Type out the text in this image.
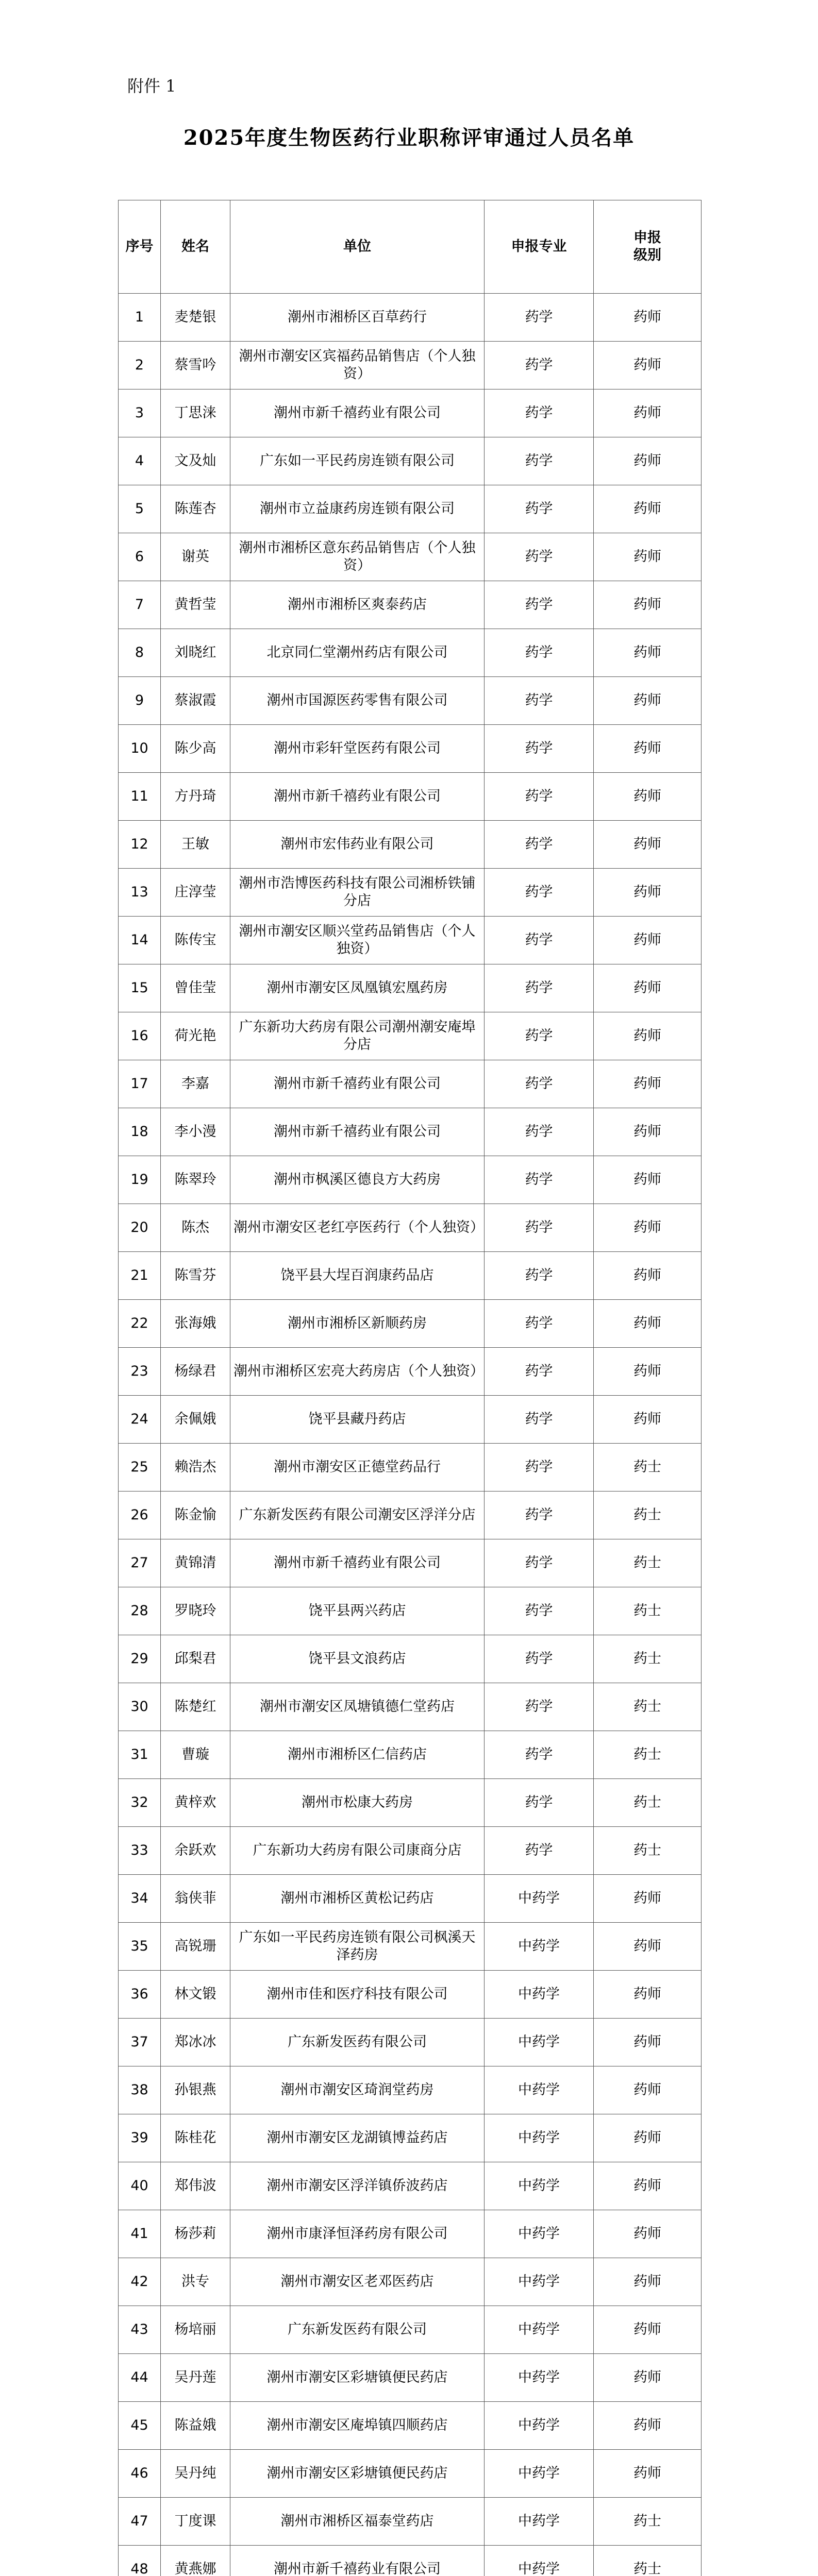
附件 1
2025年度生物医药行业职称评审通过人员名单
序号	姓名	单位	申报专业	申报
级别

1	麦楚银	潮州市湘桥区百草药行	药学	药师
2	蔡雪吟	潮州市潮安区宾福药品销售店（个人独资）	药学	药师
3	丁思涞	潮州市新千禧药业有限公司	药学	药师
4	文及灿	广东如一平民药房连锁有限公司	药学	药师
5	陈莲杏	潮州市立益康药房连锁有限公司	药学	药师
6	谢英	潮州市湘桥区意东药品销售店（个人独资）	药学	药师
7	黄哲莹	潮州市湘桥区爽泰药店	药学	药师
8	刘晓红	北京同仁堂潮州药店有限公司	药学	药师
9	蔡淑霞	潮州市国源医药零售有限公司	药学	药师
10	陈少高	潮州市彩轩堂医药有限公司	药学	药师
11	方丹琦	潮州市新千禧药业有限公司	药学	药师
12	王敏	潮州市宏伟药业有限公司	药学	药师
13	庄淳莹	潮州市浩博医药科技有限公司湘桥铁铺分店	药学	药师
14	陈传宝	潮州市潮安区顺兴堂药品销售店（个人独资）	药学	药师
15	曾佳莹	潮州市潮安区凤凰镇宏凰药房	药学	药师
16	荷光艳	广东新功大药房有限公司潮州潮安庵埠分店	药学	药师
17	李嘉	潮州市新千禧药业有限公司	药学	药师
18	李小漫	潮州市新千禧药业有限公司	药学	药师
19	陈翠玲	潮州市枫溪区德良方大药房	药学	药师
20	陈杰	潮州市潮安区老红亭医药行（个人独资）	药学	药师
21	陈雪芬	饶平县大埕百润康药品店	药学	药师
22	张海娥	潮州市湘桥区新顺药房	药学	药师
23	杨绿君	潮州市湘桥区宏亮大药房店（个人独资）	药学	药师
24	余佩娥	饶平县藏丹药店	药学	药师
25	赖浩杰	潮州市潮安区正德堂药品行	药学	药士
26	陈金愉	广东新发医药有限公司潮安区浮洋分店	药学	药士
27	黄锦清	潮州市新千禧药业有限公司	药学	药士
28	罗晓玲	饶平县两兴药店	药学	药士
29	邱梨君	饶平县文浪药店	药学	药士
30	陈楚红	潮州市潮安区凤塘镇德仁堂药店	药学	药士
31	曹璇	潮州市湘桥区仁信药店	药学	药士
32	黄梓欢	潮州市松康大药房	药学	药士
33	余跃欢	广东新功大药房有限公司康商分店	药学	药士
34	翁侠菲	潮州市湘桥区黄松记药店	中药学	药师
35	高锐珊	广东如一平民药房连锁有限公司枫溪天泽药房	中药学	药师
36	林文锻	潮州市佳和医疗科技有限公司	中药学	药师
37	郑冰冰	广东新发医药有限公司	中药学	药师
38	孙银燕	潮州市潮安区琦润堂药房	中药学	药师
39	陈桂花	潮州市潮安区龙湖镇博益药店	中药学	药师
40	郑伟波	潮州市潮安区浮洋镇侨波药店	中药学	药师
41	杨莎莉	潮州市康泽恒泽药房有限公司	中药学	药师
42	洪专	潮州市潮安区老邓医药店	中药学	药师
43	杨培丽	广东新发医药有限公司	中药学	药师
44	吴丹莲	潮州市潮安区彩塘镇便民药店	中药学	药师
45	陈益娥	潮州市潮安区庵埠镇四顺药店	中药学	药师
46	吴丹纯	潮州市潮安区彩塘镇便民药店	中药学	药师
47	丁度课	潮州市湘桥区福泰堂药店	中药学	药士
48	黄燕娜	潮州市新千禧药业有限公司	中药学	药士
